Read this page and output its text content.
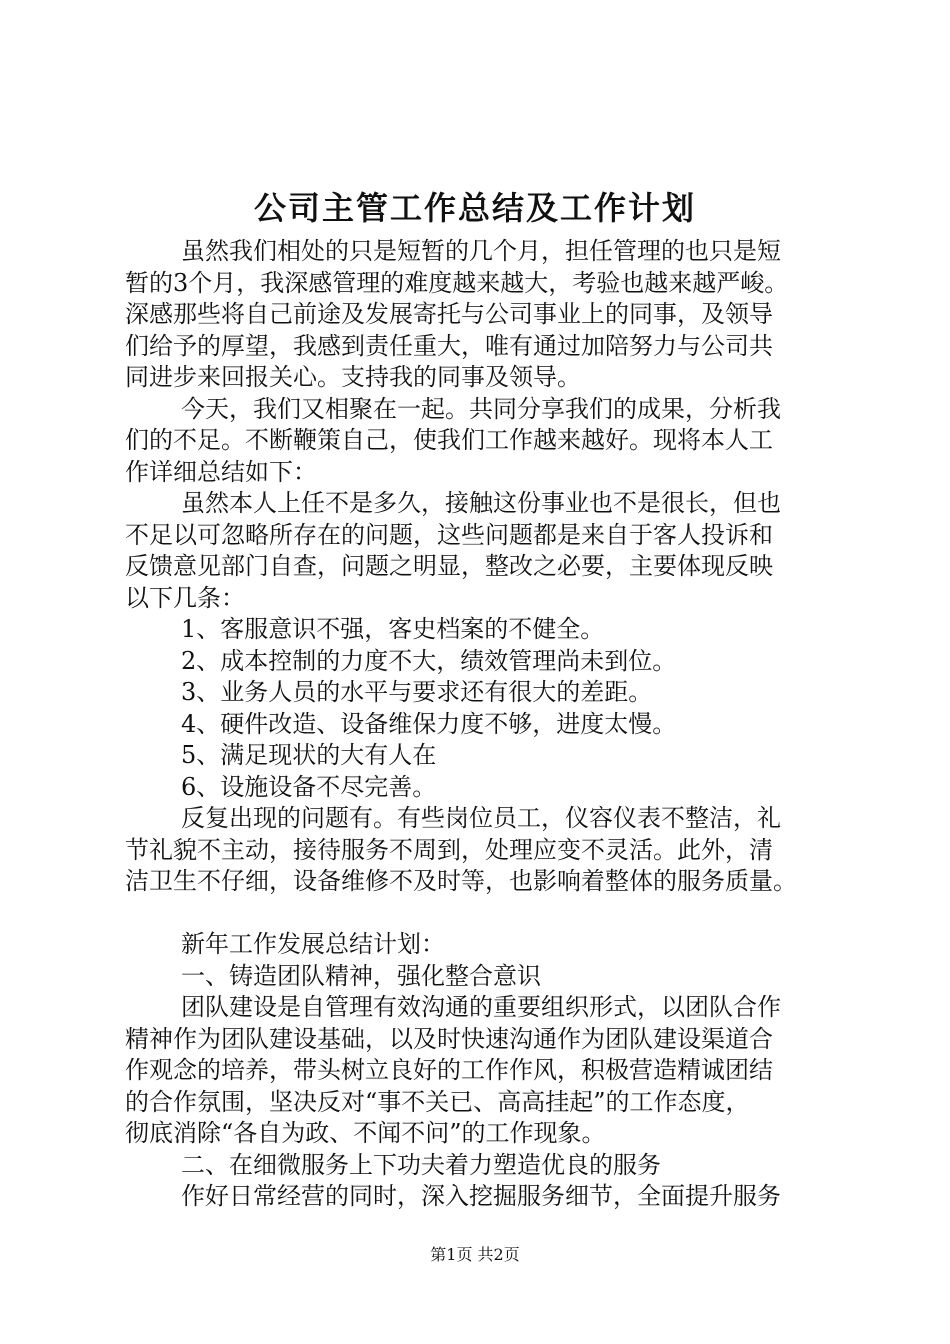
公司主管工作总结及工作计划
虽然我们相处的只是短暂的几个月，担任管理的也只是短
暂的3个月，我深感管理的难度越来越大，考验也越来越严峻。
深感那些将自己前途及发展寄托与公司事业上的同事，及领导
们给予的厚望，我感到责任重大，唯有通过加陪努力与公司共
同进步来回报关心。支持我的同事及领导。
今天，我们又相聚在一起。共同分享我们的成果，分析我
们的不足。不断鞭策自己，使我们工作越来越好。现将本人工
作详细总结如下：
虽然本人上任不是多久，接触这份事业也不是很长，但也
不足以可忽略所存在的问题，这些问题都是来自于客人投诉和
反馈意见部门自查，问题之明显，整改之必要，主要体现反映
以下几条：
1、客服意识不强，客史档案的不健全。
2、成本控制的力度不大，绩效管理尚未到位。
3、业务人员的水平与要求还有很大的差距。
4、硬件改造、设备维保力度不够，进度太慢。
5、满足现状的大有人在
6、设施设备不尽完善。
反复出现的问题有。有些岗位员工，仪容仪表不整洁，礼
节礼貌不主动，接待服务不周到，处理应变不灵活。此外，清
洁卫生不仔细，设备维修不及时等，也影响着整体的服务质量。
新年工作发展总结计划：
一、铸造团队精神，强化整合意识
团队建设是自管理有效沟通的重要组织形式，以团队合作
精神作为团队建设基础，以及时快速沟通作为团队建设渠道合
作观念的培养，带头树立良好的工作作风，积极营造精诚团结
的合作氛围，坚决反对“事不关已、高高挂起”的工作态度，
彻底消除“各自为政、不闻不问”的工作现象。
二、在细微服务上下功夫着力塑造优良的服务
作好日常经营的同时，深入挖掘服务细节，全面提升服务
第1页 共2页
